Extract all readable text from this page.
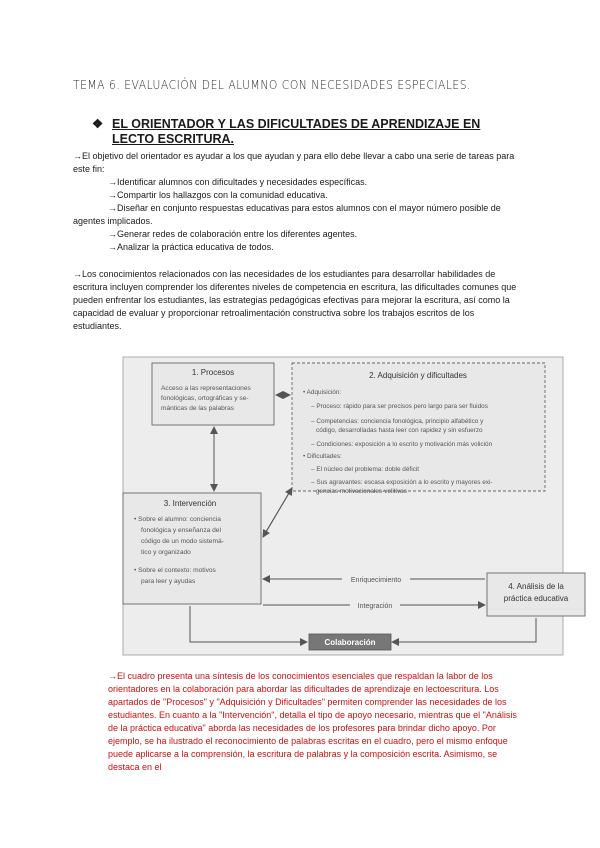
TEMA 6. EVALUACIÓN DEL ALUMNO CON NECESIDADES ESPECIALES.
❖ EL ORIENTADOR Y LAS DIFICULTADES DE APRENDIZAJE EN LECTO ESCRITURA.

→El objetivo del orientador es ayudar a los que ayudan y para ello debe llevar a cabo una serie de tareas para este fin:

→Identificar alumnos con dificultades y necesidades específicas.
→Compartir los hallazgos con la comunidad educativa.

→Diseñar en conjunto respuestas educativas para estos alumnos con el mayor número posible de agentes implicados.

→Generar redes de colaboración entre los diferentes agentes.
→Analizar la práctica educativa de todos.

→Los conocimientos relacionados con las necesidades de los estudiantes para desarrollar habilidades de escritura incluyen comprender los diferentes niveles de competencia en escritura, las dificultades comunes que pueden enfrentar los estudiantes, las estrategias pedagógicas efectivas para mejorar la escritura, así como la capacidad de evaluar y proporcionar retroalimentación constructiva sobre los trabajos escritos de los estudiantes.

1. Procesos
Acceso a las representaciones
fonológicas, ortográficas y se-
mánticas de las palabras
2. Adquisición y dificultades
• Adquisición:
– Proceso: rápido para ser precisos pero largo para ser fluidos
– Competencias: conciencia fonológica, principio alfabético y
código, desarrolladas hasta leer con rapidez y sin esfuerzo
– Condiciones: exposición a lo escrito y motivación más volición
• Dificultades:
– El núcleo del problema: doble déficit
– Sus agravantes: escasa exposición a lo escrito y mayores exi-
gencias motivacionales-volitivas
3. Intervención
• Sobre el alumno: conciencia
fonológica y enseñanza del
código de un modo sistemá-
tico y organizado
• Sobre el contexto: motivos
para leer y ayudas
4. Análisis de la
práctica educativa
Enriquecimiento
Integración
Colaboración

→El cuadro presenta una síntesis de los conocimientos esenciales que respaldan la labor de los orientadores en la colaboración para abordar las dificultades de aprendizaje en lectoescritura. Los apartados de "Procesos" y "Adquisición y Dificultades" permiten comprender las necesidades de los estudiantes. En cuanto a la "Intervención", detalla el tipo de apoyo necesario, mientras que el "Análisis de la práctica educativa" aborda las necesidades de los profesores para brindar dicho apoyo. Por ejemplo, se ha ilustrado el reconocimiento de palabras escritas en el cuadro, pero el mismo enfoque puede aplicarse a la comprensión, la escritura de palabras y la composición escrita. Asimismo, se destaca en el
